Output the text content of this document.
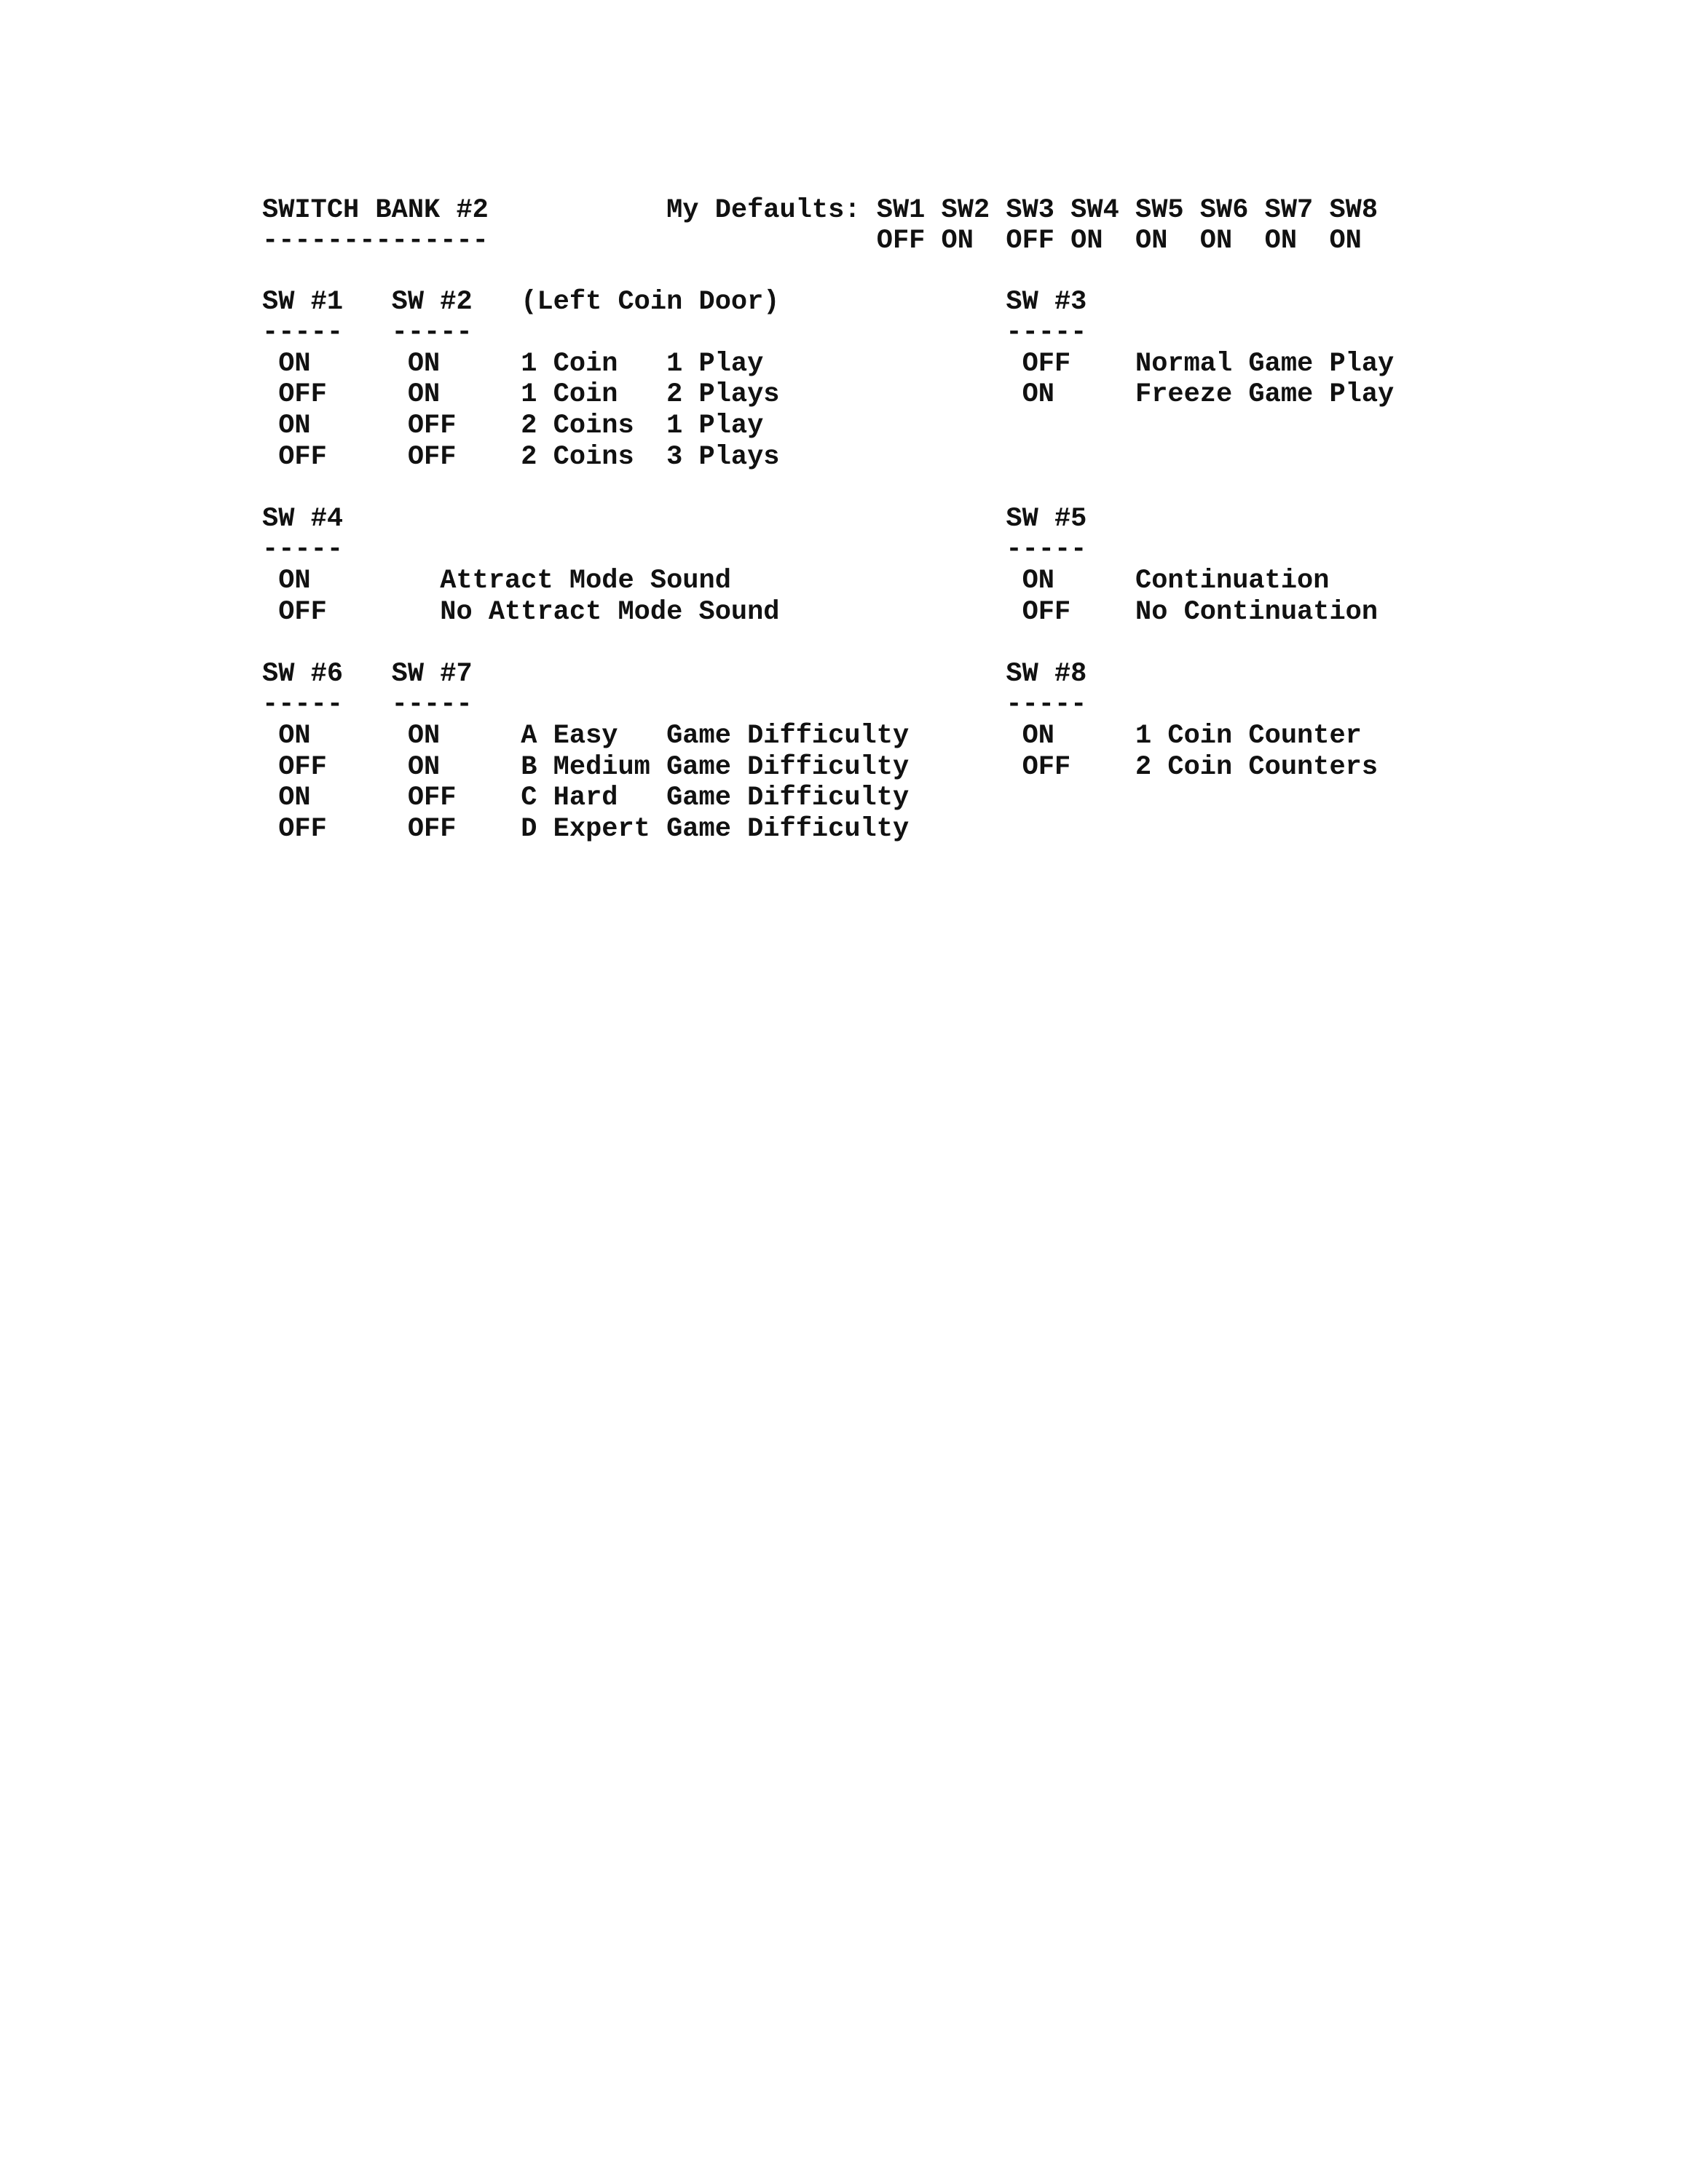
SWITCH BANK #2           My Defaults: SW1 SW2 SW3 SW4 SW5 SW6 SW7 SW8
--------------                        OFF ON  OFF ON  ON  ON  ON  ON
SW #1   SW #2   (Left Coin Door)              SW #3
-----   -----                                 -----
ON      ON     1 Coin   1 Play                OFF    Normal Game Play
OFF     ON     1 Coin   2 Plays               ON     Freeze Game Play
ON      OFF    2 Coins  1 Play
OFF     OFF    2 Coins  3 Plays
SW #4                                         SW #5
-----                                         -----
ON        Attract Mode Sound                  ON     Continuation
OFF       No Attract Mode Sound               OFF    No Continuation
SW #6   SW #7                                 SW #8
-----   -----                                 -----
ON      ON     A Easy   Game Difficulty       ON     1 Coin Counter
OFF     ON     B Medium Game Difficulty       OFF    2 Coin Counters
ON      OFF    C Hard   Game Difficulty
OFF     OFF    D Expert Game Difficulty
